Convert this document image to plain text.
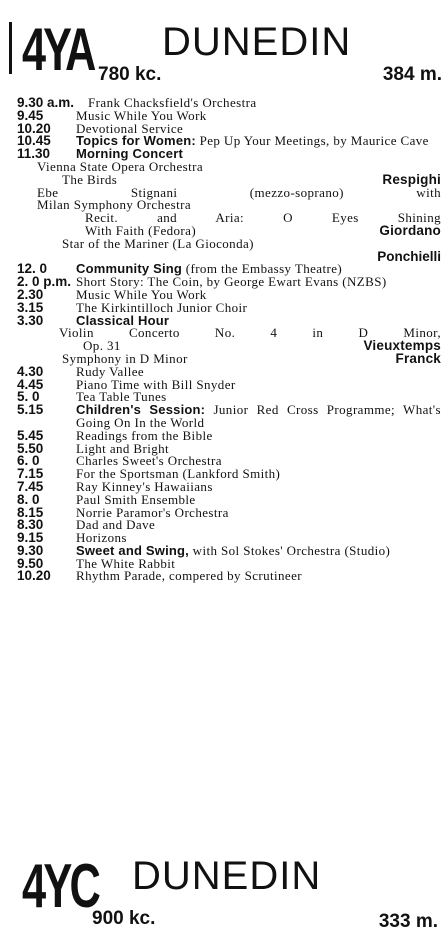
4YA DUNEDIN
780 kc.	384 m.
9.30 a.m.	Frank Chacksfield's Orchestra
9.45	Music While You Work
10.20	Devotional Service
10.45	Topics for Women: Pep Up Your Meetings, by Maurice Cave
11.30	Morning Concert
Vienna State Opera Orchestra
The Birds	Respighi
Ebe Stignani (mezzo-soprano) with
Milan Symphony Orchestra
Recit. and Aria: O Eyes Shining
With Faith (Fedora)	Giordano
Star of the Mariner (La Gioconda)
Ponchielli
12. 0	Community Sing (from the Embassy Theatre)
2. 0 p.m. Short Story: The Coin, by George Ewart Evans (NZBS)
2.30	Music While You Work
3.15	The Kirkintilloch Junior Choir
3.30	Classical Hour
Violin Concerto No. 4 in D Minor,
Op. 31	Vieuxtemps
Symphony in D Minor	Franck
4.30	Rudy Vallee
4.45	Piano Time with Bill Snyder
5. 0	Tea Table Tunes
5.15	Children's Session: Junior Red Cross Programme; What's Going On In the World
5.45	Readings from the Bible
5.50	Light and Bright
6. 0	Charles Sweet's Orchestra
7.15	For the Sportsman (Lankford Smith)
7.45	Ray Kinney's Hawaiians
8. 0	Paul Smith Ensemble
8.15	Norrie Paramor's Orchestra
8.30	Dad and Dave
9.15	Horizons
9.30	Sweet and Swing, with Sol Stokes' Orchestra (Studio)
9.50	The White Rabbit
10.20	Rhythm Parade, compered by Scrutineer
4YC DUNEDIN
900 kc.	333 m.
